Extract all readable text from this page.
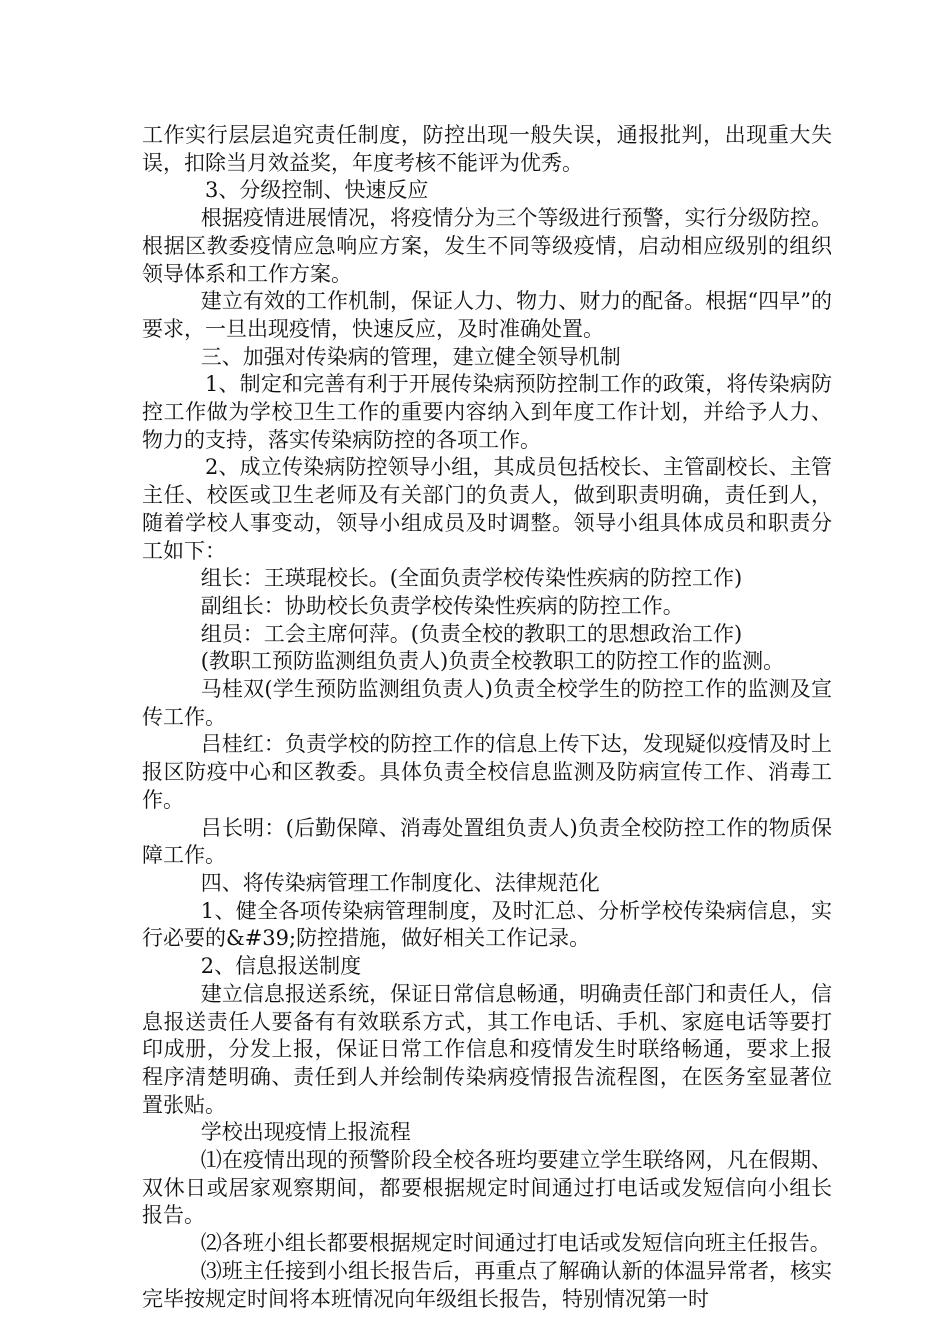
工作实行层层追究责任制度，防控出现一般失误，通报批判，出现重大失误，扣除当月效益奖，年度考核不能评为优秀。

3、分级控制、快速反应

根据疫情进展情况，将疫情分为三个等级进行预警，实行分级防控。根据区教委疫情应急响应方案，发生不同等级疫情，启动相应级别的组织领导体系和工作方案。

建立有效的工作机制，保证人力、物力、财力的配备。根据“四早”的要求，一旦出现疫情，快速反应，及时准确处置。

三、加强对传染病的管理，建立健全领导机制

1、制定和完善有利于开展传染病预防控制工作的政策，将传染病防控工作做为学校卫生工作的重要内容纳入到年度工作计划，并给予人力、物力的支持，落实传染病防控的各项工作。

2、成立传染病防控领导小组，其成员包括校长、主管副校长、主管主任、校医或卫生老师及有关部门的负责人，做到职责明确，责任到人，随着学校人事变动，领导小组成员及时调整。领导小组具体成员和职责分工如下：

组长：王瑛琨校长。(全面负责学校传染性疾病的防控工作)

副组长：协助校长负责学校传染性疾病的防控工作。

组员：工会主席何萍。(负责全校的教职工的思想政治工作)

(教职工预防监测组负责人)负责全校教职工的防控工作的监测。

马桂双(学生预防监测组负责人)负责全校学生的防控工作的监测及宣传工作。

吕桂红：负责学校的防控工作的信息上传下达，发现疑似疫情及时上报区防疫中心和区教委。具体负责全校信息监测及防病宣传工作、消毒工作。

吕长明：(后勤保障、消毒处置组负责人)负责全校防控工作的物质保障工作。

四、将传染病管理工作制度化、法律规范化

1、健全各项传染病管理制度，及时汇总、分析学校传染病信息，实行必要的&#39;防控措施，做好相关工作记录。

2、信息报送制度

建立信息报送系统，保证日常信息畅通，明确责任部门和责任人，信息报送责任人要备有有效联系方式，其工作电话、手机、家庭电话等要打印成册，分发上报，保证日常工作信息和疫情发生时联络畅通，要求上报程序清楚明确、责任到人并绘制传染病疫情报告流程图，在医务室显著位置张贴。

学校出现疫情上报流程

⑴在疫情出现的预警阶段全校各班均要建立学生联络网，凡在假期、双休日或居家观察期间，都要根据规定时间通过打电话或发短信向小组长报告。

⑵各班小组长都要根据规定时间通过打电话或发短信向班主任报告。

⑶班主任接到小组长报告后，再重点了解确认新的体温异常者，核实完毕按规定时间将本班情况向年级组长报告，特别情况第一时
